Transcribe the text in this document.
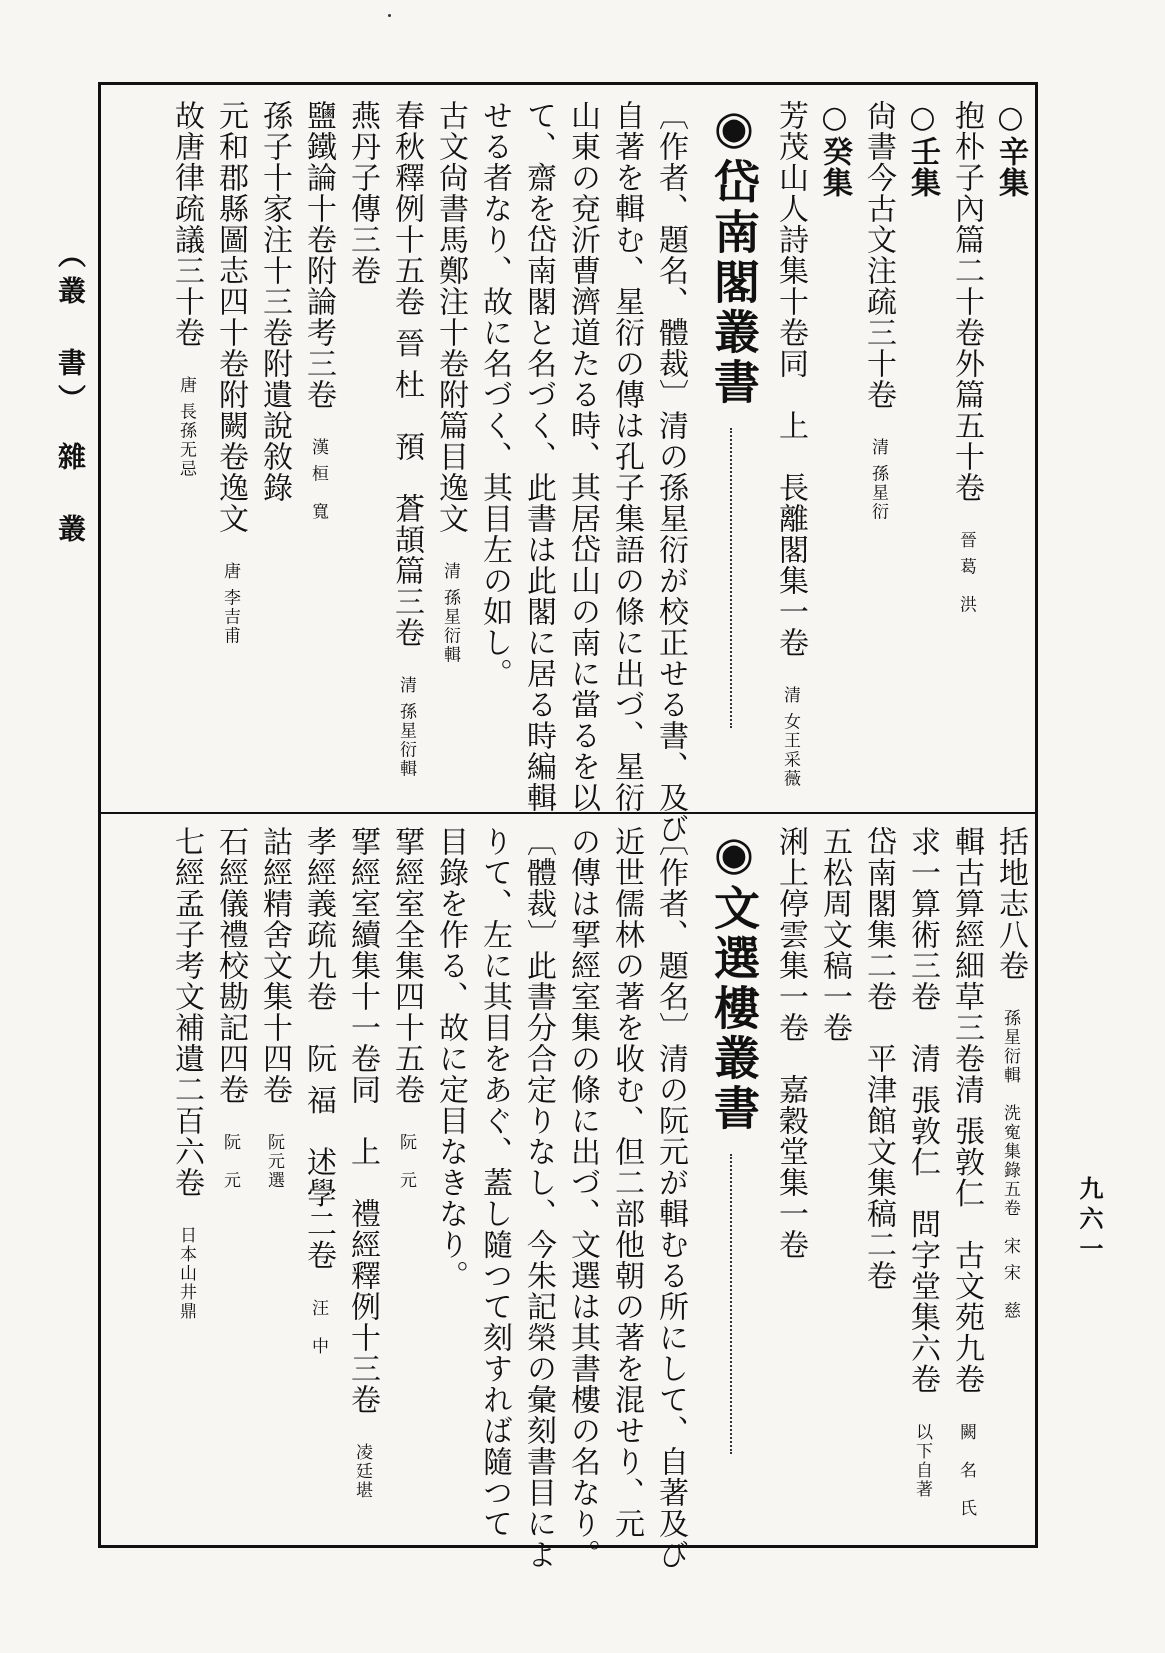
（叢　書）　雜　叢
○辛集
抱朴子內篇二十卷外篇五十卷晉 葛　洪
○壬集
尙書今古文注疏三十卷清 孫星衍
○癸集
芳茂山人詩集十卷同　上　長離閣集一卷清 女王采薇
◉岱南閣叢書
〔作者、題名、體裁〕清の孫星衍が校正せる書、及び
自著を輯む、星衍の傳は孔子集語の條に出づ、星衍
山東の兗沂曹濟道たる時、其居岱山の南に當るを以
て、齋を岱南閣と名づく、此書は此閣に居る時編輯
せる者なり、故に名づく、其目左の如し。
古文尙書馬鄭注十卷附篇目逸文清 孫星衍輯
春秋釋例十五卷 晉 杜　預　蒼頡篇三卷清 孫星衍輯
燕丹子傳三卷
鹽鐵論十卷附論考三卷漢 桓　寬
孫子十家注十三卷附遺說敘錄
元和郡縣圖志四十卷附闕卷逸文唐 李吉甫
故唐律疏議三十卷唐 長孫无忌
括地志八卷孫星衍輯　洗寃集錄五卷　宋 宋　慈
輯古算經細草三卷清 張敦仁　古文苑九卷闕　名　氏
求一算術三卷　清 張敦仁　問字堂集六卷以下自著
岱南閣集二卷　平津館文集稿二卷
五松周文稿一卷
浰上停雲集一卷　嘉穀堂集一卷
◉文選樓叢書
〔作者、題名〕清の阮元が輯むる所にして、自著及び
近世儒林の著を收む、但二部他朝の著を混せり、元
の傳は揅經室集の條に出づ、文選は其書樓の名なり。
〔體裁〕此書分合定りなし、今朱記榮の彙刻書目によ
りて、左に其目をあぐ、蓋し隨つて刻すれば隨つて
目錄を作る、故に定目なきなり。
揅經室全集四十五卷阮　元
揅經室續集十一卷同　上　禮經釋例十三卷凌廷堪
孝經義疏九卷　阮 福　述學二卷汪　中
詁經精舍文集十四卷阮元選
石經儀禮校勘記四卷阮　元
七經孟子考文補遺二百六卷日本山井鼎
九六一
